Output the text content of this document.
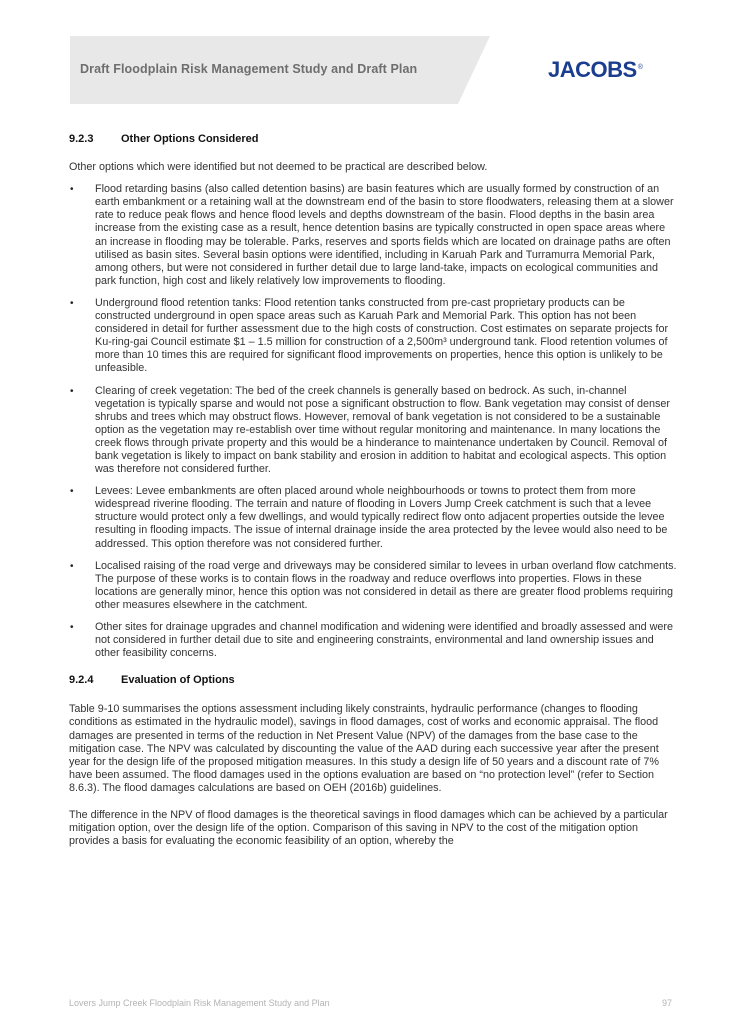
Draft Floodplain Risk Management Study and Draft Plan	JACOBS®
9.2.3	Other Options Considered

Other options which were identified but not deemed to be practical are described below.

• Flood retarding basins (also called detention basins) are basin features which are usually formed by construction of an earth embankment or a retaining wall at the downstream end of the basin to store floodwaters, releasing them at a slower rate to reduce peak flows and hence flood levels and depths downstream of the basin. Flood depths in the basin area increase from the existing case as a result, hence detention basins are typically constructed in open space areas where an increase in flooding may be tolerable. Parks, reserves and sports fields which are located on drainage paths are often utilised as basin sites. Several basin options were identified, including in Karuah Park and Turramurra Memorial Park, among others, but were not considered in further detail due to large land-take, impacts on ecological communities and park function, high cost and likely relatively low improvements to flooding.
• Underground flood retention tanks: Flood retention tanks constructed from pre-cast proprietary products can be constructed underground in open space areas such as Karuah Park and Memorial Park. This option has not been considered in detail for further assessment due to the high costs of construction. Cost estimates on separate projects for Ku-ring-gai Council estimate $1 – 1.5 million for construction of a 2,500m³ underground tank. Flood retention volumes of more than 10 times this are required for significant flood improvements on properties, hence this option is unlikely to be unfeasible.
• Clearing of creek vegetation: The bed of the creek channels is generally based on bedrock. As such, in-channel vegetation is typically sparse and would not pose a significant obstruction to flow. Bank vegetation may consist of denser shrubs and trees which may obstruct flows. However, removal of bank vegetation is not considered to be a sustainable option as the vegetation may re-establish over time without regular monitoring and maintenance. In many locations the creek flows through private property and this would be a hinderance to maintenance undertaken by Council. Removal of bank vegetation is likely to impact on bank stability and erosion in addition to habitat and ecological aspects. This option was therefore not considered further.
• Levees: Levee embankments are often placed around whole neighbourhoods or towns to protect them from more widespread riverine flooding. The terrain and nature of flooding in Lovers Jump Creek catchment is such that a levee structure would protect only a few dwellings, and would typically redirect flow onto adjacent properties outside the levee resulting in flooding impacts. The issue of internal drainage inside the area protected by the levee would also need to be addressed. This option therefore was not considered further.
• Localised raising of the road verge and driveways may be considered similar to levees in urban overland flow catchments. The purpose of these works is to contain flows in the roadway and reduce overflows into properties. Flows in these locations are generally minor, hence this option was not considered in detail as there are greater flood problems requiring other measures elsewhere in the catchment.
• Other sites for drainage upgrades and channel modification and widening were identified and broadly assessed and were not considered in further detail due to site and engineering constraints, environmental and land ownership issues and other feasibility concerns.
9.2.4	Evaluation of Options

Table 9-10 summarises the options assessment including likely constraints, hydraulic performance (changes to flooding conditions as estimated in the hydraulic model), savings in flood damages, cost of works and economic appraisal. The flood damages are presented in terms of the reduction in Net Present Value (NPV) of the damages from the base case to the mitigation case. The NPV was calculated by discounting the value of the AAD during each successive year after the present year for the design life of the proposed mitigation measures. In this study a design life of 50 years and a discount rate of 7% have been assumed. The flood damages used in the options evaluation are based on “no protection level” (refer to Section 8.6.3). The flood damages calculations are based on OEH (2016b) guidelines.

The difference in the NPV of flood damages is the theoretical savings in flood damages which can be achieved by a particular mitigation option, over the design life of the option. Comparison of this saving in NPV to the cost of the mitigation option provides a basis for evaluating the economic feasibility of an option, whereby the

Lovers Jump Creek Floodplain Risk Management Study and Plan	97
